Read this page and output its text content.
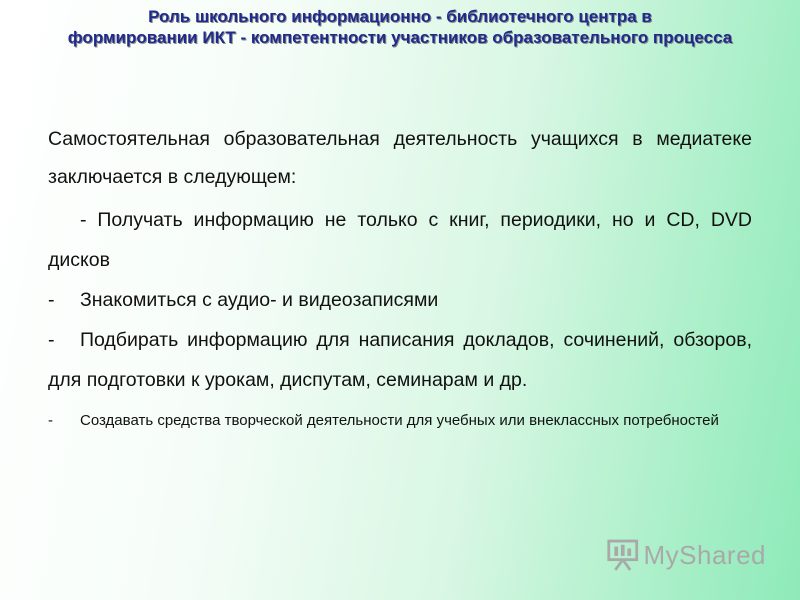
Роль школьного информационно - библиотечного центра в
формировании ИКТ - компетентности участников образовательного процесса

Самостоятельная образовательная деятельность учащихся в медиатеке заключается в следующем:

- Получать информацию не только с книг, периодики, но и CD, DVD дисков

- Знакомиться с аудио- и видеозаписями

- Подбирать информацию для написания докладов, сочинений, обзоров, для подготовки к урокам, диспутам, семинарам и др.

- Создавать средства творческой деятельности для учебных или внеклассных потребностей

MyShared
